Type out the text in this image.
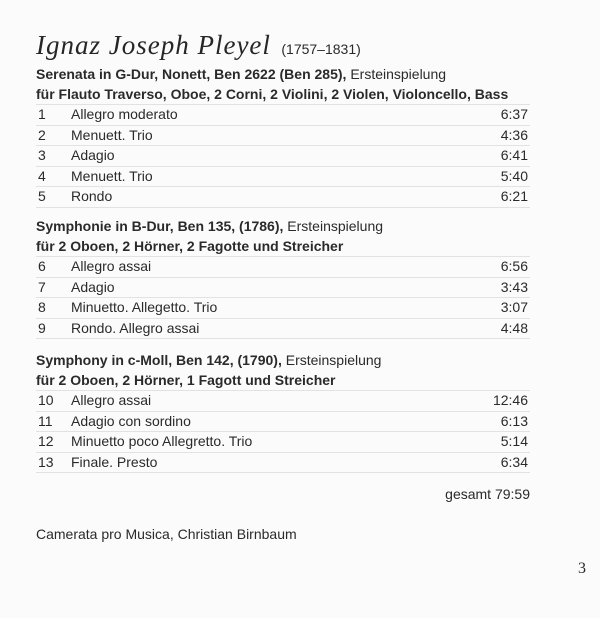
Ignaz Joseph Pleyel (1757–1831)
Serenata in G-Dur, Nonett, Ben 2622 (Ben 285), Ersteinspielung
für Flauto Traverso, Oboe, 2 Corni, 2 Violini, 2 Violen, Violoncello, Bass
1 Allegro moderato	6:37
2 Menuett. Trio	4:36
3 Adagio	6:41
4 Menuett. Trio	5:40
5 Rondo	6:21
Symphonie in B-Dur, Ben 135, (1786), Ersteinspielung
für 2 Oboen, 2 Hörner, 2 Fagotte und Streicher
6 Allegro assai	6:56
7 Adagio	3:43
8 Minuetto. Allegetto. Trio	3:07
9 Rondo. Allegro assai	4:48
Symphony in c-Moll, Ben 142, (1790), Ersteinspielung
für 2 Oboen, 2 Hörner, 1 Fagott und Streicher
10 Allegro assai	12:46
11 Adagio con sordino	6:13
12 Minuetto poco Allegretto. Trio	5:14
13 Finale. Presto	6:34
gesamt 79:59
Camerata pro Musica, Christian Birnbaum
3
